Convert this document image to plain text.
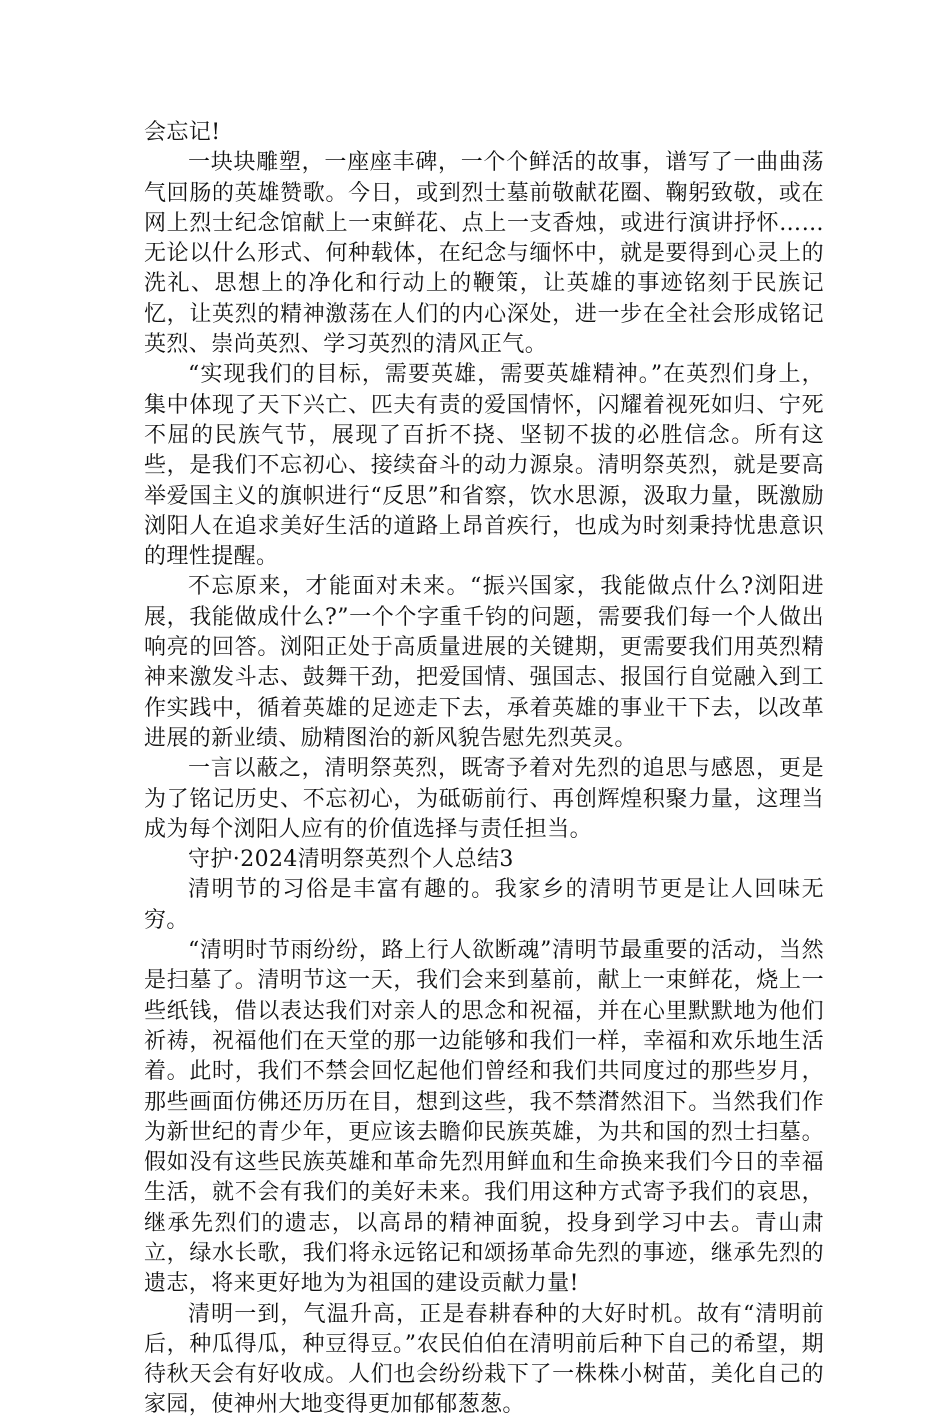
会忘记!

一块块雕塑，一座座丰碑，一个个鲜活的故事，谱写了一曲曲荡气回肠的英雄赞歌。今日，或到烈士墓前敬献花圈、鞠躬致敬，或在网上烈士纪念馆献上一束鲜花、点上一支香烛，或进行演讲抒怀……无论以什么形式、何种载体，在纪念与缅怀中，就是要得到心灵上的洗礼、思想上的净化和行动上的鞭策，让英雄的事迹铭刻于民族记忆，让英烈的精神激荡在人们的内心深处，进一步在全社会形成铭记英烈、崇尚英烈、学习英烈的清风正气。

“实现我们的目标，需要英雄，需要英雄精神。”在英烈们身上，集中体现了天下兴亡、匹夫有责的爱国情怀，闪耀着视死如归、宁死不屈的民族气节，展现了百折不挠、坚韧不拔的必胜信念。所有这些，是我们不忘初心、接续奋斗的动力源泉。清明祭英烈，就是要高举爱国主义的旗帜进行“反思”和省察，饮水思源，汲取力量，既激励浏阳人在追求美好生活的道路上昂首疾行，也成为时刻秉持忧患意识的理性提醒。

不忘原来，才能面对未来。“振兴国家，我能做点什么?浏阳进展，我能做成什么?”一个个字重千钧的问题，需要我们每一个人做出响亮的回答。浏阳正处于高质量进展的关键期，更需要我们用英烈精神来激发斗志、鼓舞干劲，把爱国情、强国志、报国行自觉融入到工作实践中，循着英雄的足迹走下去，承着英雄的事业干下去，以改革进展的新业绩、励精图治的新风貌告慰先烈英灵。

一言以蔽之，清明祭英烈，既寄予着对先烈的追思与感恩，更是为了铭记历史、不忘初心，为砥砺前行、再创辉煌积聚力量，这理当成为每个浏阳人应有的价值选择与责任担当。

守护·2024清明祭英烈个人总结3

清明节的习俗是丰富有趣的。我家乡的清明节更是让人回味无穷。

“清明时节雨纷纷，路上行人欲断魂”清明节最重要的活动，当然是扫墓了。清明节这一天，我们会来到墓前，献上一束鲜花，烧上一些纸钱，借以表达我们对亲人的思念和祝福，并在心里默默地为他们祈祷，祝福他们在天堂的那一边能够和我们一样，幸福和欢乐地生活着。此时，我们不禁会回忆起他们曾经和我们共同度过的那些岁月，那些画面仿佛还历历在目，想到这些，我不禁潸然泪下。当然我们作为新世纪的青少年，更应该去瞻仰民族英雄，为共和国的烈士扫墓。假如没有这些民族英雄和革命先烈用鲜血和生命换来我们今日的幸福生活，就不会有我们的美好未来。我们用这种方式寄予我们的哀思，继承先烈们的遗志，以高昂的精神面貌，投身到学习中去。青山肃立，绿水长歌，我们将永远铭记和颂扬革命先烈的事迹，继承先烈的遗志，将来更好地为为祖国的建设贡献力量!

清明一到，气温升高，正是春耕春种的大好时机。故有“清明前后，种瓜得瓜，种豆得豆。”农民伯伯在清明前后种下自己的希望，期待秋天会有好收成。人们也会纷纷栽下了一株株小树苗，美化自己的家园，使神州大地变得更加郁郁葱葱。
